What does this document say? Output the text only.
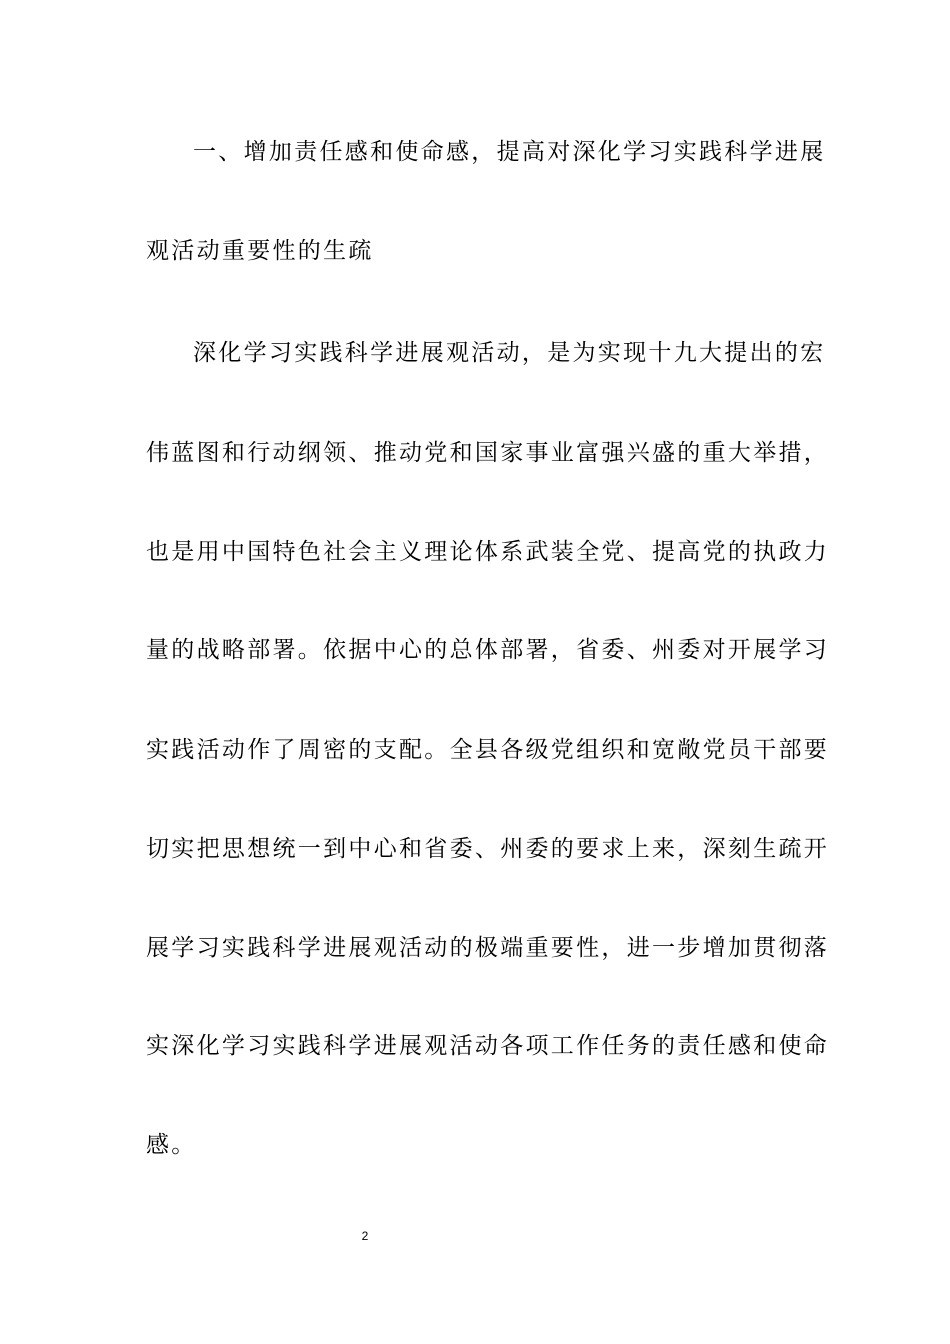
一、增加责任感和使命感，提高对深化学习实践科学进展
观活动重要性的生疏
深化学习实践科学进展观活动，是为实现十九大提出的宏
伟蓝图和行动纲领、推动党和国家事业富强兴盛的重大举措，
也是用中国特色社会主义理论体系武装全党、提高党的执政力
量的战略部署。依据中心的总体部署，省委、州委对开展学习
实践活动作了周密的支配。全县各级党组织和宽敞党员干部要
切实把思想统一到中心和省委、州委的要求上来，深刻生疏开
展学习实践科学进展观活动的极端重要性，进一步增加贯彻落
实深化学习实践科学进展观活动各项工作任务的责任感和使命
感。
2
